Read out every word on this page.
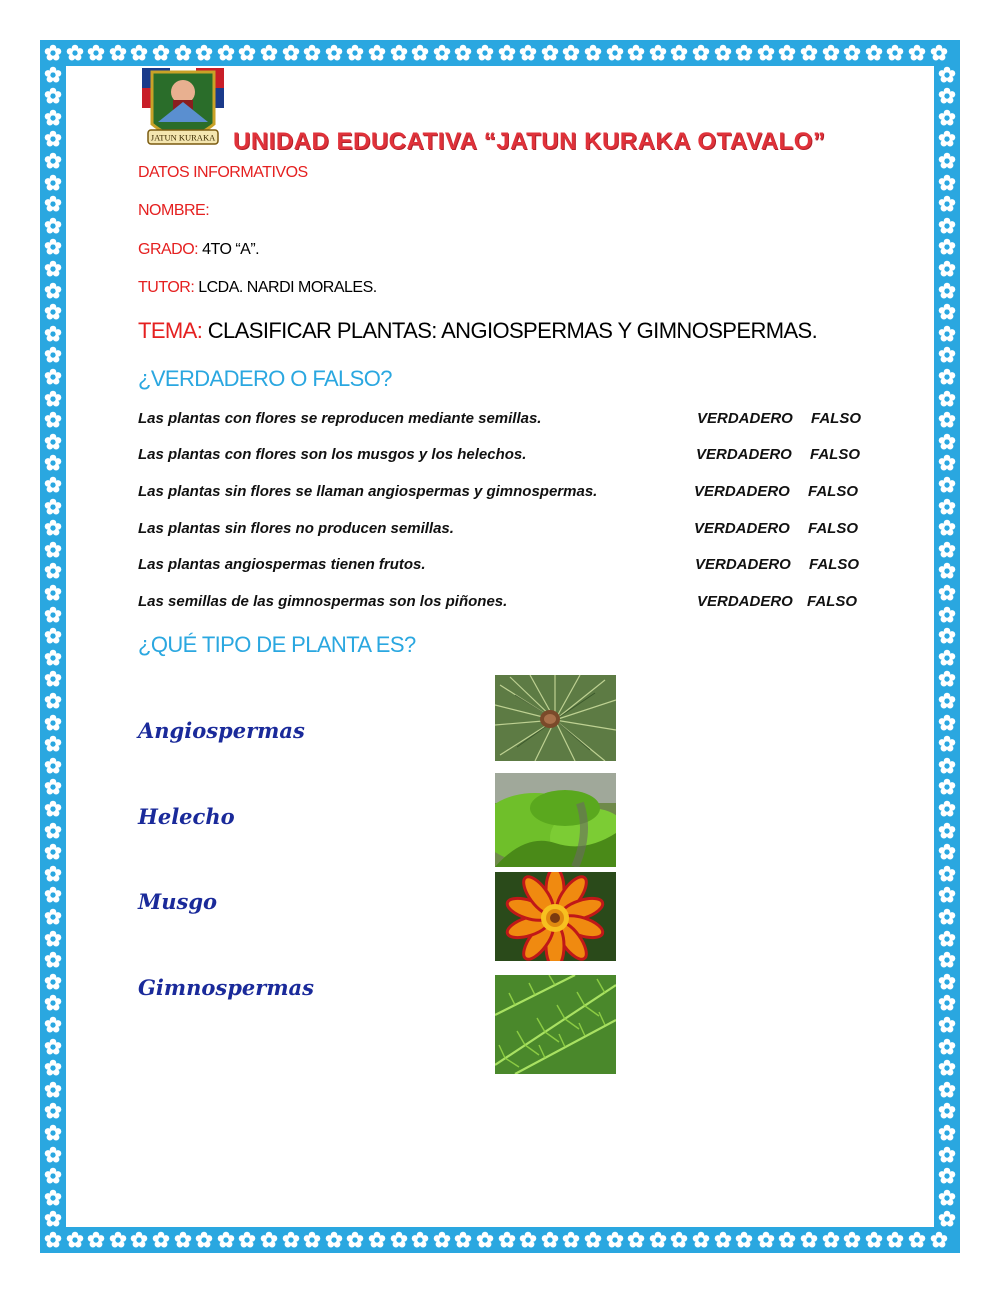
JATUN KURAKA UNIDAD EDUCATIVA “JATUN KURAKA OTAVALO”
DATOS INFORMATIVOS
NOMBRE:
GRADO: 4TO “A”.
TUTOR: LCDA. NARDI MORALES.
TEMA: CLASIFICAR PLANTAS: ANGIOSPERMAS Y GIMNOSPERMAS.
¿VERDADERO O FALSO?
Las plantas con flores se reproducen mediante semillas.	VERDADERO FALSO
Las plantas con flores son los musgos y los helechos.	VERDADERO FALSO
Las plantas sin flores se llaman angiospermas y gimnospermas.	VERDADERO FALSO
Las plantas sin flores no producen semillas.	VERDADERO FALSO
Las plantas angiospermas tienen frutos.	VERDADERO FALSO
Las semillas de las gimnospermas son los piñones.	VERDADERO FALSO
¿QUÉ TIPO DE PLANTA ES?
Angiospermas
Helecho
Musgo
Gimnospermas
